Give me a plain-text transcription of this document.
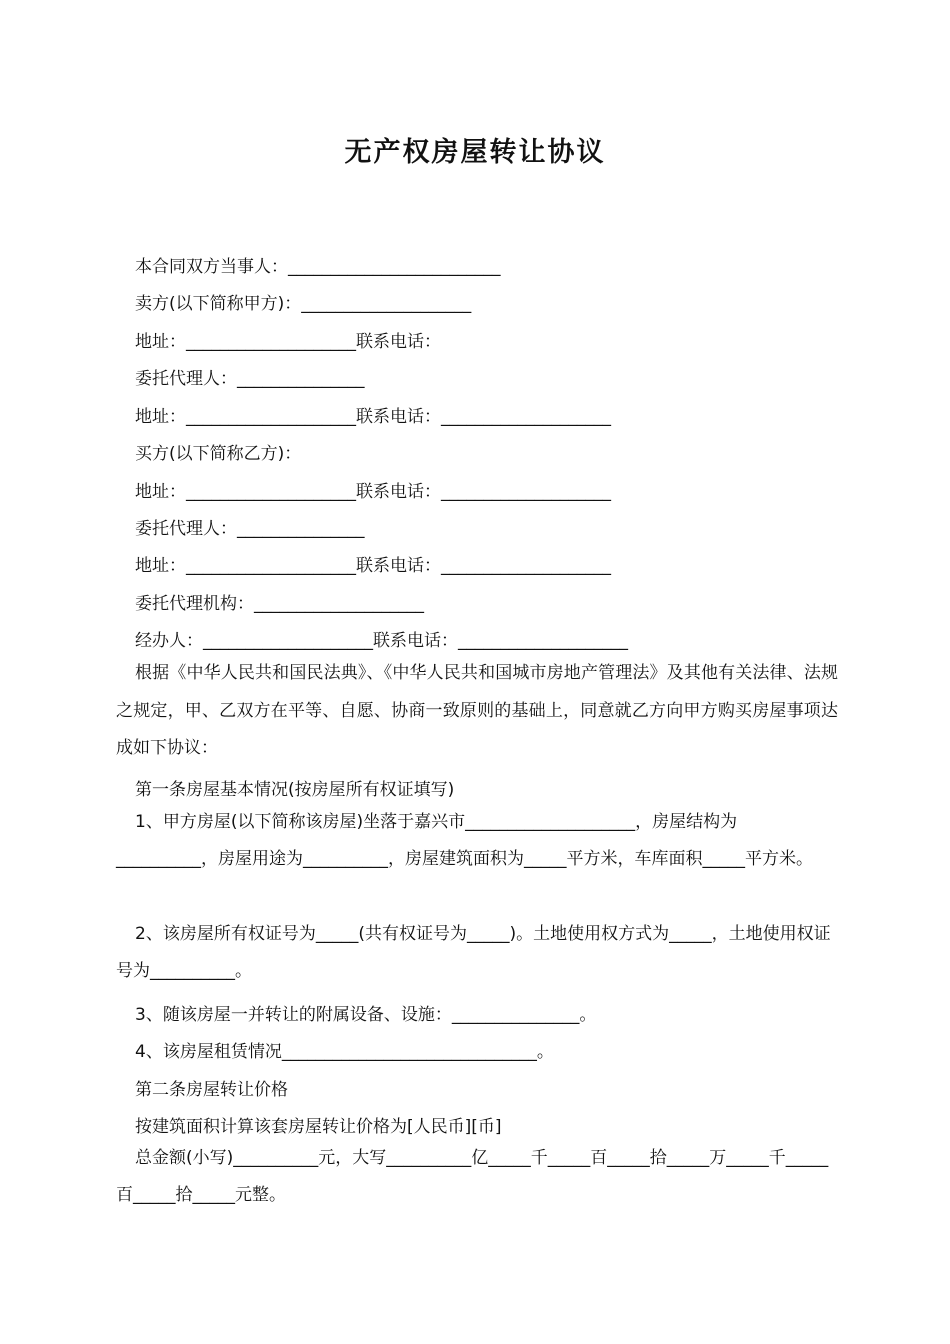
无产权房屋转让协议
本合同双方当事人：_________________________
卖方(以下简称甲方)：____________________
地址：____________________联系电话：
委托代理人：_______________
地址：____________________联系电话：____________________
买方(以下简称乙方)：
地址：____________________联系电话：____________________
委托代理人：_______________
地址：____________________联系电话：____________________
委托代理机构：____________________
经办人：____________________联系电话：____________________
根据《中华人民共和国民法典》、《中华人民共和国城市房地产管理法》及其他有关法律、法规之规定，甲、乙双方在平等、自愿、协商一致原则的基础上，同意就乙方向甲方购买房屋事项达成如下协议：
第一条房屋基本情况(按房屋所有权证填写)
1、甲方房屋(以下简称该房屋)坐落于嘉兴市____________________，房屋结构为__________，房屋用途为__________，房屋建筑面积为_____平方米，车库面积_____平方米。
2、该房屋所有权证号为_____(共有权证号为_____)。土地使用权方式为_____，土地使用权证号为__________。
3、随该房屋一并转让的附属设备、设施：_______________。
4、该房屋租赁情况______________________________。
第二条房屋转让价格
按建筑面积计算该套房屋转让价格为[人民币][币]
总金额(小写)__________元，大写__________亿_____千_____百_____拾_____万_____千_____百_____拾_____元整。
